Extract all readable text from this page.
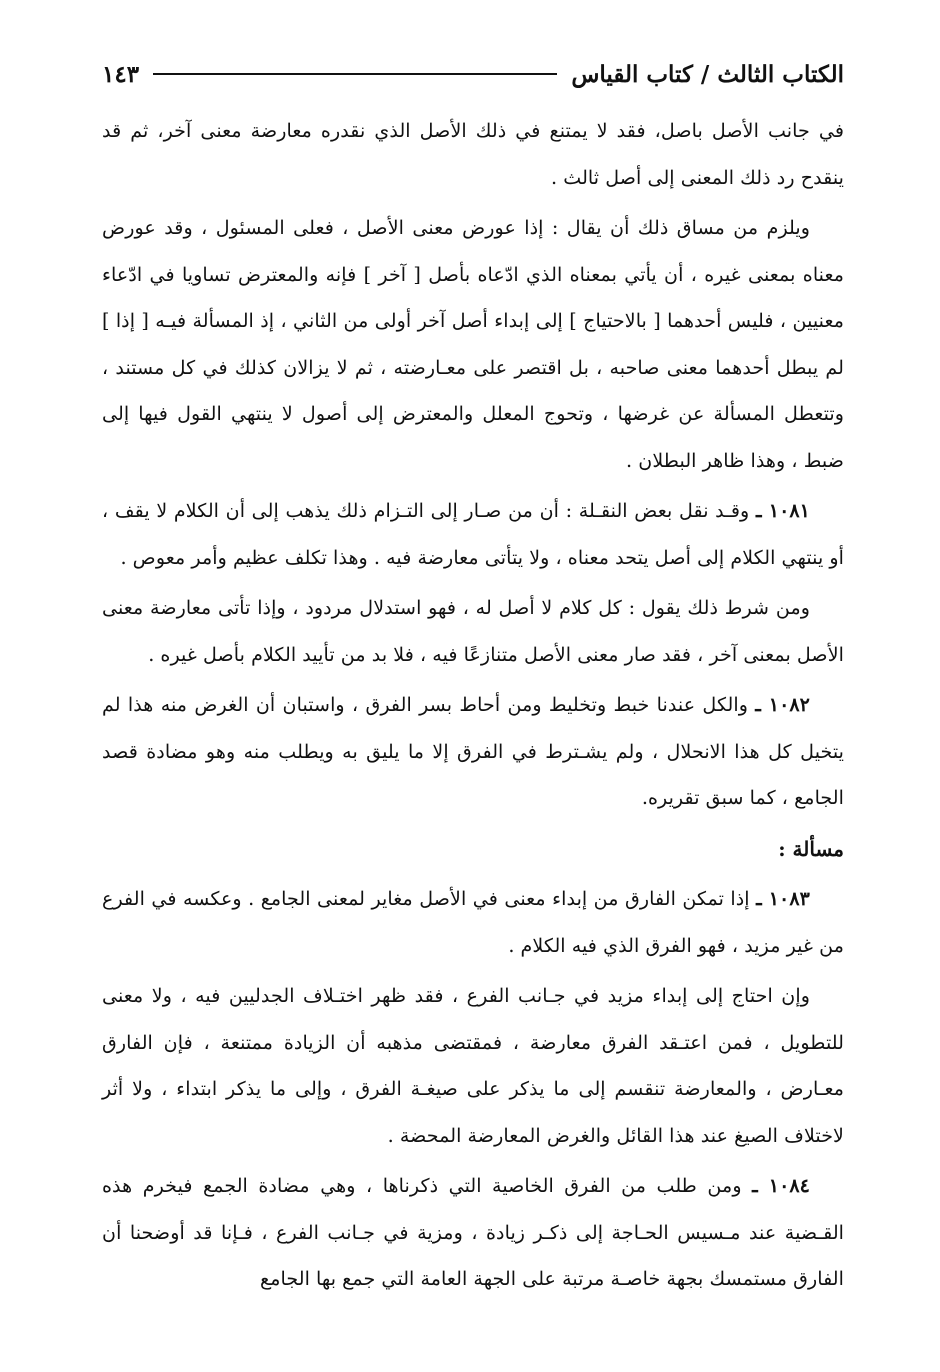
الكتاب الثالث / كتاب القياس
١٤٣

في جانب الأصل باصل، فقد لا يمتنع في ذلك الأصل الذي نقدره معارضة معنى آخر، ثم قد ينقدح رد ذلك المعنى إلى أصل ثالث .

ويلزم من مساق ذلك أن يقال : إذا عورض معنى الأصل ، فعلى المسئول ، وقد عورض معناه بمعنى غيره ، أن يأتي بمعناه الذي ادّعاه بأصل [ آخر ] فإنه والمعترض تساويا في ادّعاء معنيين ، فليس أحدهما [ بالاحتياج ] إلى إبداء أصل آخر أولى من الثاني ، إذ المسألة فيـه [ إذا ] لم يبطل أحدهما معنى صاحبه ، بل اقتصر على معـارضته ، ثم لا يزالان كذلك في كل مستند ، وتتعطل المسألة عن غرضها ، وتحوج المعلل والمعترض إلى أصول لا ينتهي القول فيها إلى ضبط ، وهذا ظاهر البطلان .

١٠٨١ ـ وقـد نقل بعض النقـلة : أن من صـار إلى التـزام ذلك يذهب إلى أن الكلام لا يقف ، أو ينتهي الكلام إلى أصل يتحد معناه ، ولا يتأتى معارضة فيه . وهذا تكلف عظيم وأمر معوص .

ومن شرط ذلك يقول : كل كلام لا أصل له ، فهو استدلال مردود ، وإذا تأتى معارضة معنى الأصل بمعنى آخر ، فقد صار معنى الأصل متنازعًا فيه ، فلا بد من تأييد الكلام بأصل غيره .

١٠٨٢ ـ والكل عندنا خبط وتخليط ومن أحاط بسر الفرق ، واستبان أن الغرض منه هذا لم يتخيل كل هذا الانحلال ، ولم يشـترط في الفرق إلا ما يليق به ويطلب منه وهو مضادة قصد الجامع ، كما سبق تقريره.

مسألة :

١٠٨٣ ـ إذا تمكن الفارق من إبداء معنى في الأصل مغاير لمعنى الجامع . وعكسه في الفرع من غير مزيد ، فهو الفرق الذي فيه الكلام .

وإن احتاج إلى إبداء مزيد في جـانب الفرع ، فقد ظهر اختـلاف الجدليين فيه ، ولا معنى للتطويل ، فمن اعتـقد الفرق معارضة ، فمقتضى مذهبه أن الزيادة ممتنعة ، فإن الفارق معـارض ، والمعارضة تنقسم إلى ما يذكر على صيغـة الفرق ، وإلى ما يذكر ابتداء ، ولا أثر لاختلاف الصيغ عند هذا القائل والغرض المعارضة المحضة .

١٠٨٤ ـ ومن طلب من الفرق الخاصية التي ذكرناها ، وهي مضادة الجمع فيخرم هذه القـضية عند مـسيس الحـاجة إلى ذكـر زيادة ، ومزية في جـانب الفرع ، فـإنا قد أوضحنا أن الفارق مستمسك بجهة خاصـة مرتبة على الجهة العامة التي جمع بها الجامع
